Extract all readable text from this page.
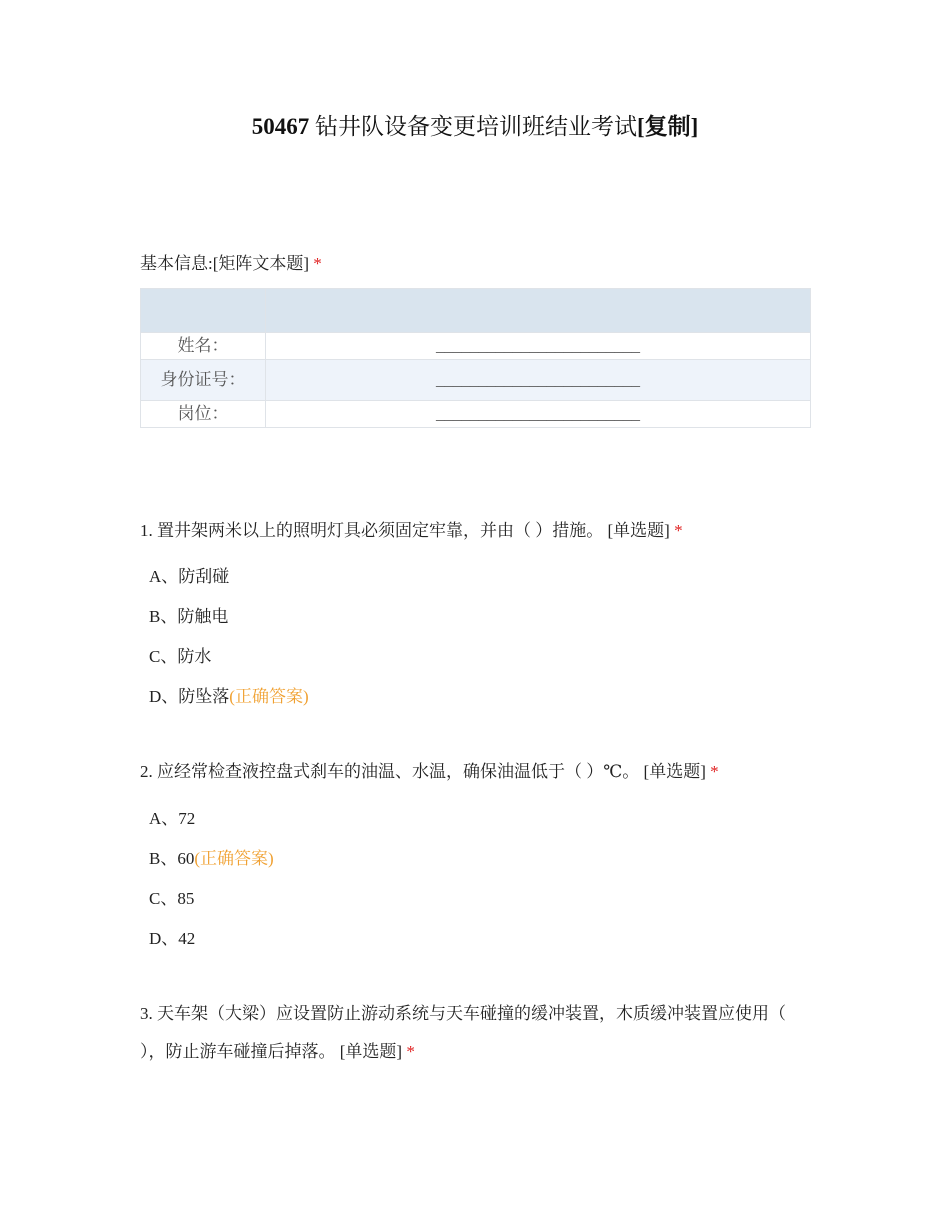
50467 钻井队设备变更培训班结业考试[复制]
基本信息:[矩阵文本题] *

姓名：	________________________
身份证号：	________________________
岗位：	________________________
1. 置井架两米以上的照明灯具必须固定牢靠，并由（ ）措施。 [单选题] *
A、防刮碰
B、防触电
C、防水
D、防坠落(正确答案)
2. 应经常检查液控盘式刹车的油温、水温，确保油温低于（ ）℃。 [单选题] *
A、72
B、60(正确答案)
C、85
D、42
3. 天车架（大梁）应设置防止游动系统与天车碰撞的缓冲装置，木质缓冲装置应使用（ ），防止游车碰撞后掉落。 [单选题] *
